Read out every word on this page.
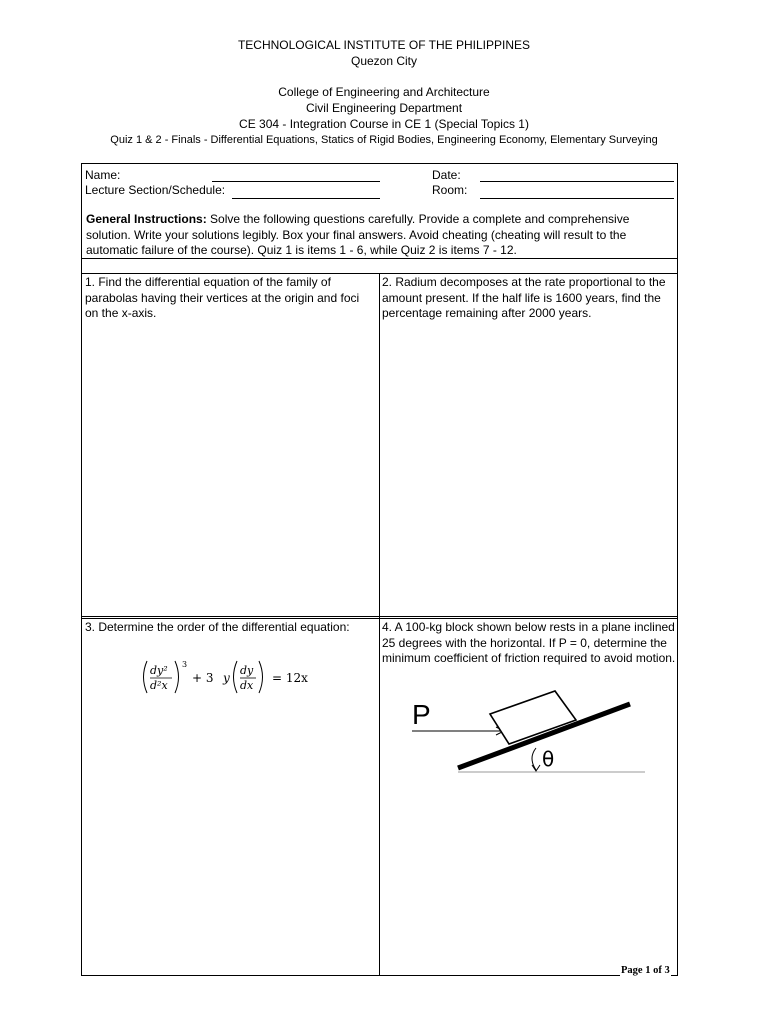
TECHNOLOGICAL INSTITUTE OF THE PHILIPPINES
Quezon City
College of Engineering and Architecture
Civil Engineering Department
CE 304 - Integration Course in CE 1 (Special Topics 1)
Quiz 1 & 2 - Finals - Differential Equations, Statics of Rigid Bodies, Engineering Economy, Elementary Surveying
Name:	Date:
Lecture Section/Schedule:	Room:
General Instructions: Solve the following questions carefully. Provide a complete and comprehensive solution. Write your solutions legibly. Box your final answers. Avoid cheating (cheating will result to the automatic failure of the course). Quiz 1 is items 1 - 6, while Quiz 2 is items 7 - 12.
1. Find the differential equation of the family of parabolas having their vertices at the origin and foci on the x-axis.
2. Radium decomposes at the rate proportional to the amount present. If the half life is 1600 years, find the percentage remaining after 2000 years.
3. Determine the order of the differential equation:	4. A 100-kg block shown below rests in a plane inclined 25 degrees with the horizontal. If P = 0, determine the minimum coefficient of friction required to avoid motion.
dy²
d²x
3
+ 3 y
dy
dx
= 12x
P
θ
Page 1 of 3
